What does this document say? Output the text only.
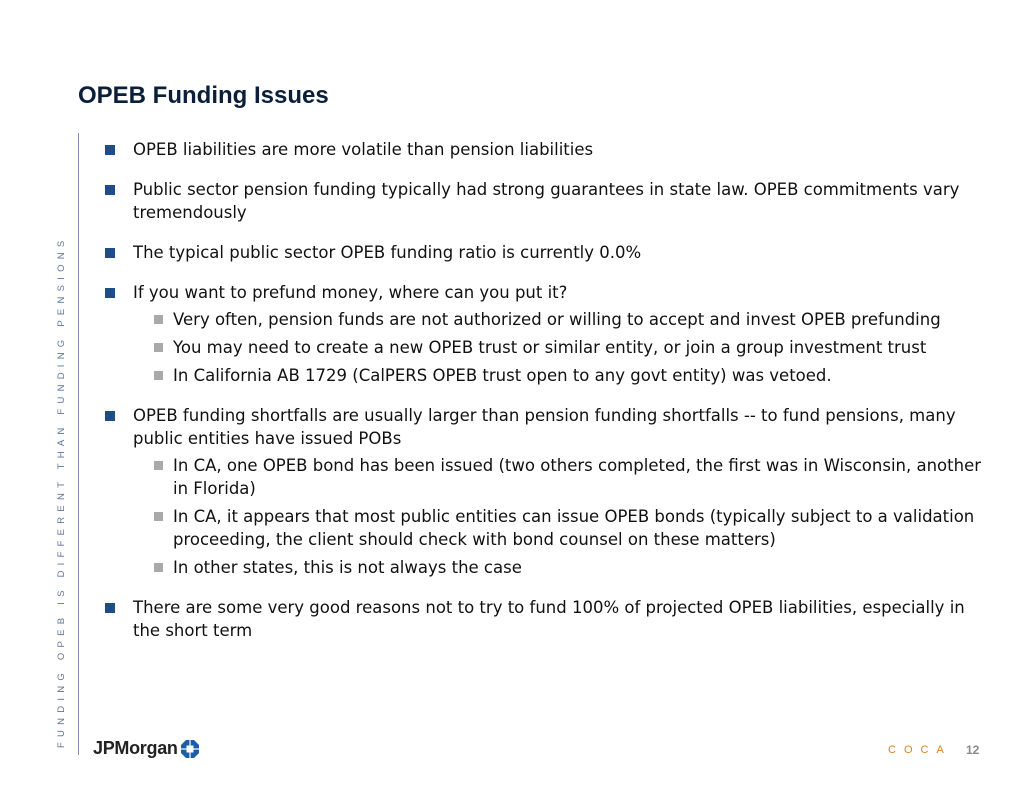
OPEB Funding Issues
FUNDING OPEB IS DIFFERENT THAN FUNDING PENSIONS
OPEB liabilities are more volatile than pension liabilities
Public sector pension funding typically had strong guarantees in state law. OPEB commitments vary tremendously
The typical public sector OPEB funding ratio is currently 0.0%
If you want to prefund money, where can you put it?
Very often, pension funds are not authorized or willing to accept and invest OPEB prefunding
You may need to create a new OPEB trust or similar entity, or join a group investment trust
In California AB 1729 (CalPERS OPEB trust open to any govt entity) was vetoed.
OPEB funding shortfalls are usually larger than pension funding shortfalls -- to fund pensions, many public entities have issued POBs
In CA, one OPEB bond has been issued (two others completed, the first was in Wisconsin, another in Florida)
In CA, it appears that most public entities can issue OPEB bonds (typically subject to a validation proceeding, the client should check with bond counsel on these matters)
In other states, this is not always the case
There are some very good reasons not to try to fund 100% of projected OPEB liabilities, especially in the short term
JPMorgan	COCA 12
